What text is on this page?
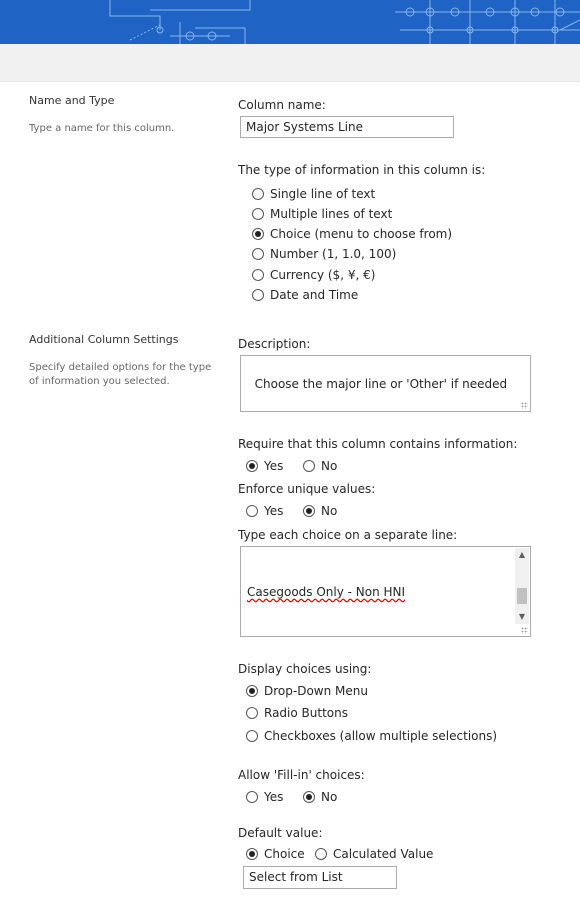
Name and Type
Type a name for this column.
Column name:
Major Systems Line
The type of information in this column is:
Single line of text
Multiple lines of text
Choice (menu to choose from)
Number (1, 1.0, 100)
Currency ($, ¥, €)
Date and Time
Additional Column Settings
Specify detailed options for the type of information you selected.
Description:

Choose the major line or 'Other' if needed

Require that this column contains information:
Yes	No
Enforce unique values:
Yes	No
Type each choice on a separate line:

Casegoods Only - Non HNI

▲

▼

Display choices using:
Drop-Down Menu
Radio Buttons
Checkboxes (allow multiple selections)
Allow 'Fill-in' choices:
Yes	No
Default value:
Choice Calculated Value
Select from List
